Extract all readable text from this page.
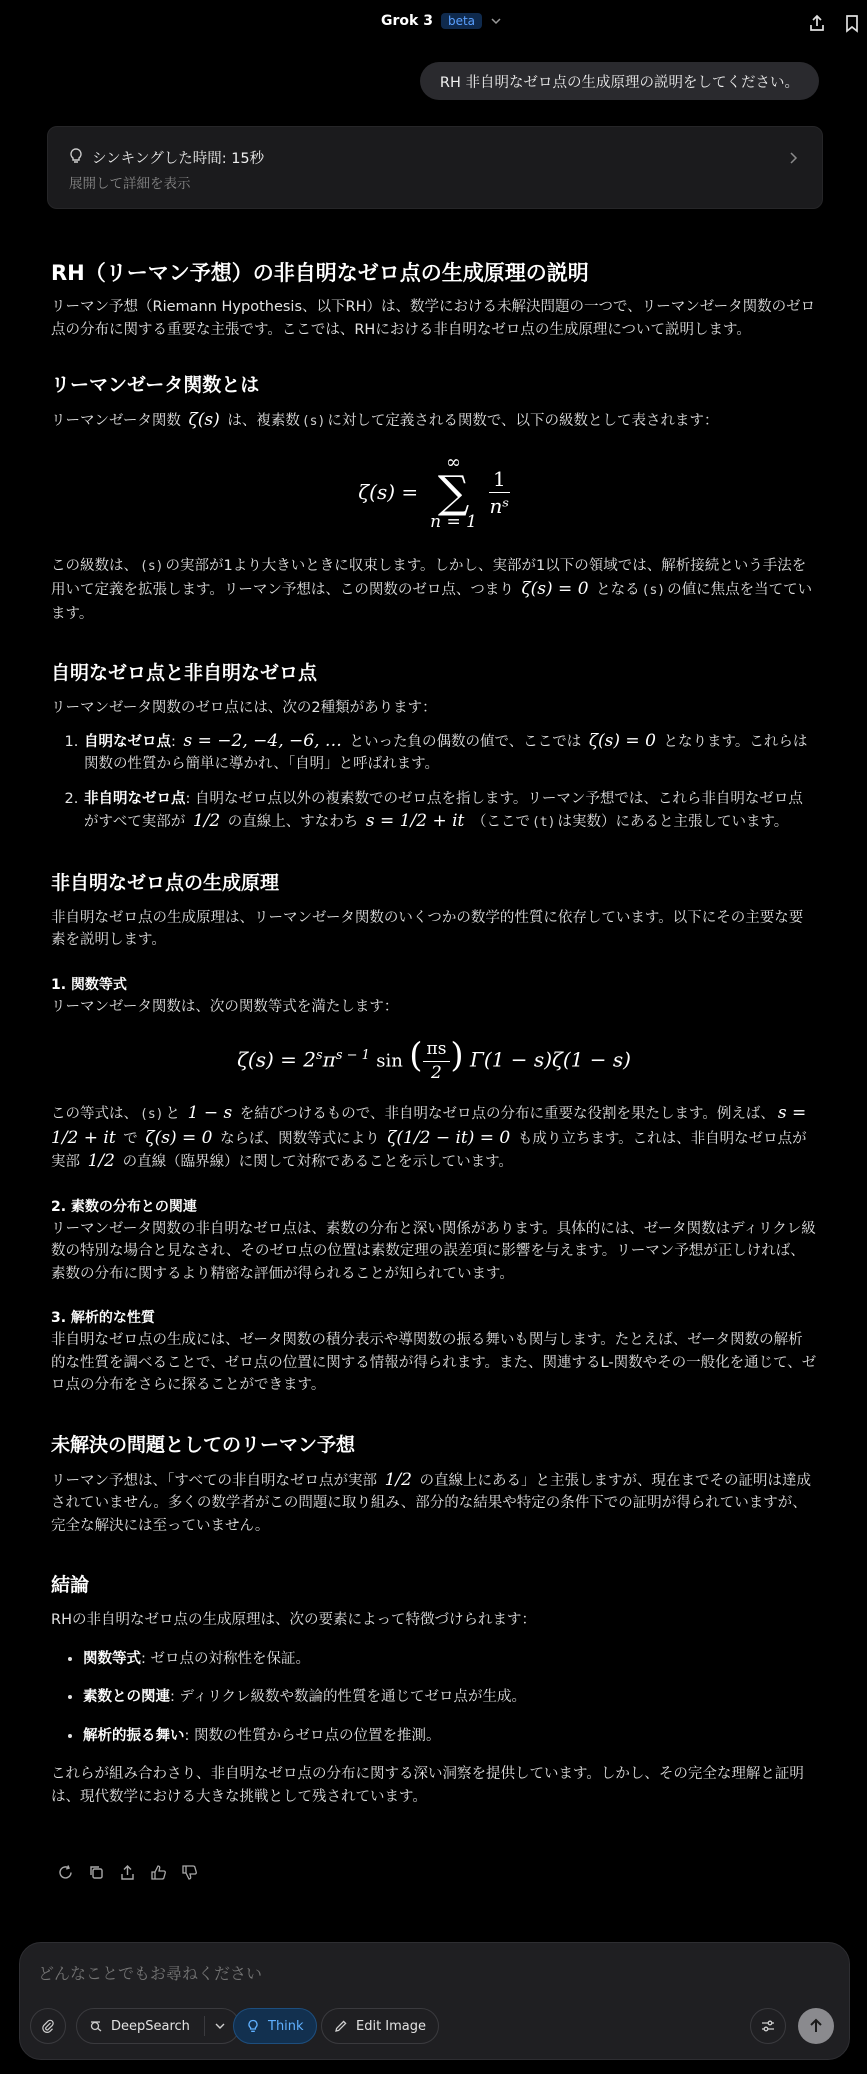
Grok 3	beta
RH 非自明なゼロ点の生成原理の説明をしてください。
シンキングした時間: 15秒
展開して詳細を表示
RH（リーマン予想）の非自明なゼロ点の生成原理の説明
リーマン予想（Riemann Hypothesis、以下RH）は、数学における未解決問題の一つで、リーマンゼータ関数のゼロ点の分布に関する重要な主張です。ここでは、RHにおける非自明なゼロ点の生成原理について説明します。
リーマンゼータ関数とは
リーマンゼータ関数 ζ(s) は、複素数 (s) に対して定義される関数で、以下の級数として表されます：
ζ(s) =
∞
∑
n = 1
$\frac{1}{\text{nˢ}}$
この級数は、 (s) の実部が1より大きいときに収束します。しかし、実部が1以下の領域では、解析接続という手法を用いて定義を拡張します。リーマン予想は、この関数のゼロ点、つまり ζ(s) = 0 となる (s) の値に焦点を当てています。
自明なゼロ点と非自明なゼロ点
リーマンゼータ関数のゼロ点には、次の2種類があります：
1. 自明なゼロ点: s = −2, −4, −6, … といった負の偶数の値で、ここでは ζ(s) = 0 となります。これらは関数の性質から簡単に導かれ、「自明」と呼ばれます。
2. 非自明なゼロ点: 自明なゼロ点以外の複素数でのゼロ点を指します。リーマン予想では、これら非自明なゼロ点がすべて実部が 1/2 の直線上、すなわち s = 1/2 + it （ここで (t) は実数）にあると主張しています。
非自明なゼロ点の生成原理
非自明なゼロ点の生成原理は、リーマンゼータ関数のいくつかの数学的性質に依存しています。以下にその主要な要素を説明します。
1. 関数等式
リーマンゼータ関数は、次の関数等式を満たします：
$\zeta(s) = 2^s\pi^{s - 1}$ sin ( $\frac{\pi s}{2}$ ) Γ(1 − s)ζ(1 − s)
この等式は、 (s) と 1 − s を結びつけるもので、非自明なゼロ点の分布に重要な役割を果たします。例えば、 s = 1/2 + it で ζ(s) = 0 ならば、関数等式により ζ(1/2 − it) = 0 も成り立ちます。これは、非自明なゼロ点が実部 1/2 の直線（臨界線）に関して対称であることを示しています。
2. 素数の分布との関連
リーマンゼータ関数の非自明なゼロ点は、素数の分布と深い関係があります。具体的には、ゼータ関数はディリクレ級数の特別な場合と見なされ、そのゼロ点の位置は素数定理の誤差項に影響を与えます。リーマン予想が正しければ、素数の分布に関するより精密な評価が得られることが知られています。
3. 解析的な性質
非自明なゼロ点の生成には、ゼータ関数の積分表示や導関数の振る舞いも関与します。たとえば、ゼータ関数の解析的な性質を調べることで、ゼロ点の位置に関する情報が得られます。また、関連するL-関数やその一般化を通じて、ゼロ点の分布をさらに探ることができます。
未解決の問題としてのリーマン予想
リーマン予想は、「すべての非自明なゼロ点が実部 1/2 の直線上にある」と主張しますが、現在までその証明は達成されていません。多くの数学者がこの問題に取り組み、部分的な結果や特定の条件下での証明が得られていますが、完全な解決には至っていません。
結論
RHの非自明なゼロ点の生成原理は、次の要素によって特徴づけられます：
• 関数等式: ゼロ点の対称性を保証。
• 素数との関連: ディリクレ級数や数論的性質を通じてゼロ点が生成。
• 解析的振る舞い: 関数の性質からゼロ点の位置を推測。
これらが組み合わさり、非自明なゼロ点の分布に関する深い洞察を提供しています。しかし、その完全な理解と証明は、現代数学における大きな挑戦として残されています。
どんなことでもお尋ねください
DeepSearch	Think	Edit Image
